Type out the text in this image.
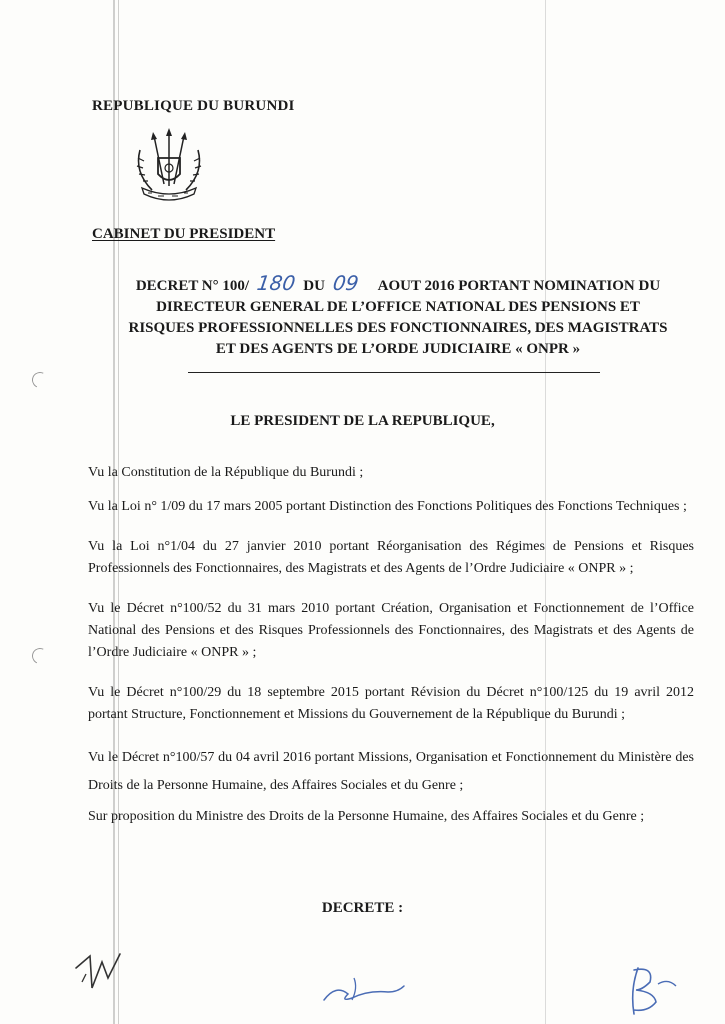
REPUBLIQUE DU BURUNDI
CABINET DU PRESIDENT
DECRET N° 100/ 180 DU 09 AOUT 2016 PORTANT NOMINATION DU
DIRECTEUR GENERAL DE L’OFFICE NATIONAL DES PENSIONS ET
RISQUES PROFESSIONNELLES DES FONCTIONNAIRES, DES MAGISTRATS
ET DES AGENTS DE L’ORDE JUDICIAIRE « ONPR »
LE PRESIDENT DE LA REPUBLIQUE,

Vu la Constitution de la République du Burundi ;

Vu la Loi n° 1/09 du 17 mars 2005 portant Distinction des Fonctions Politiques des Fonctions Techniques ;

Vu la Loi n°1/04 du 27 janvier 2010 portant Réorganisation des Régimes de Pensions et Risques Professionnels des Fonctionnaires, des Magistrats et des Agents de l’Ordre Judiciaire « ONPR » ;

Vu le Décret n°100/52 du 31 mars 2010 portant Création, Organisation et Fonctionnement de l’Office National des Pensions et des Risques Professionnels des Fonctionnaires, des Magistrats et des Agents de l’Ordre Judiciaire « ONPR » ;

Vu le Décret n°100/29 du 18 septembre 2015 portant Révision du Décret n°100/125 du 19 avril 2012 portant Structure, Fonctionnement et Missions du Gouvernement de la République du Burundi ;

Vu le Décret n°100/57 du 04 avril 2016 portant Missions, Organisation et Fonctionnement du Ministère des Droits de la Personne Humaine, des Affaires Sociales et du Genre ;

Sur proposition du Ministre des Droits de la Personne Humaine, des Affaires Sociales et du Genre ;

DECRETE :
